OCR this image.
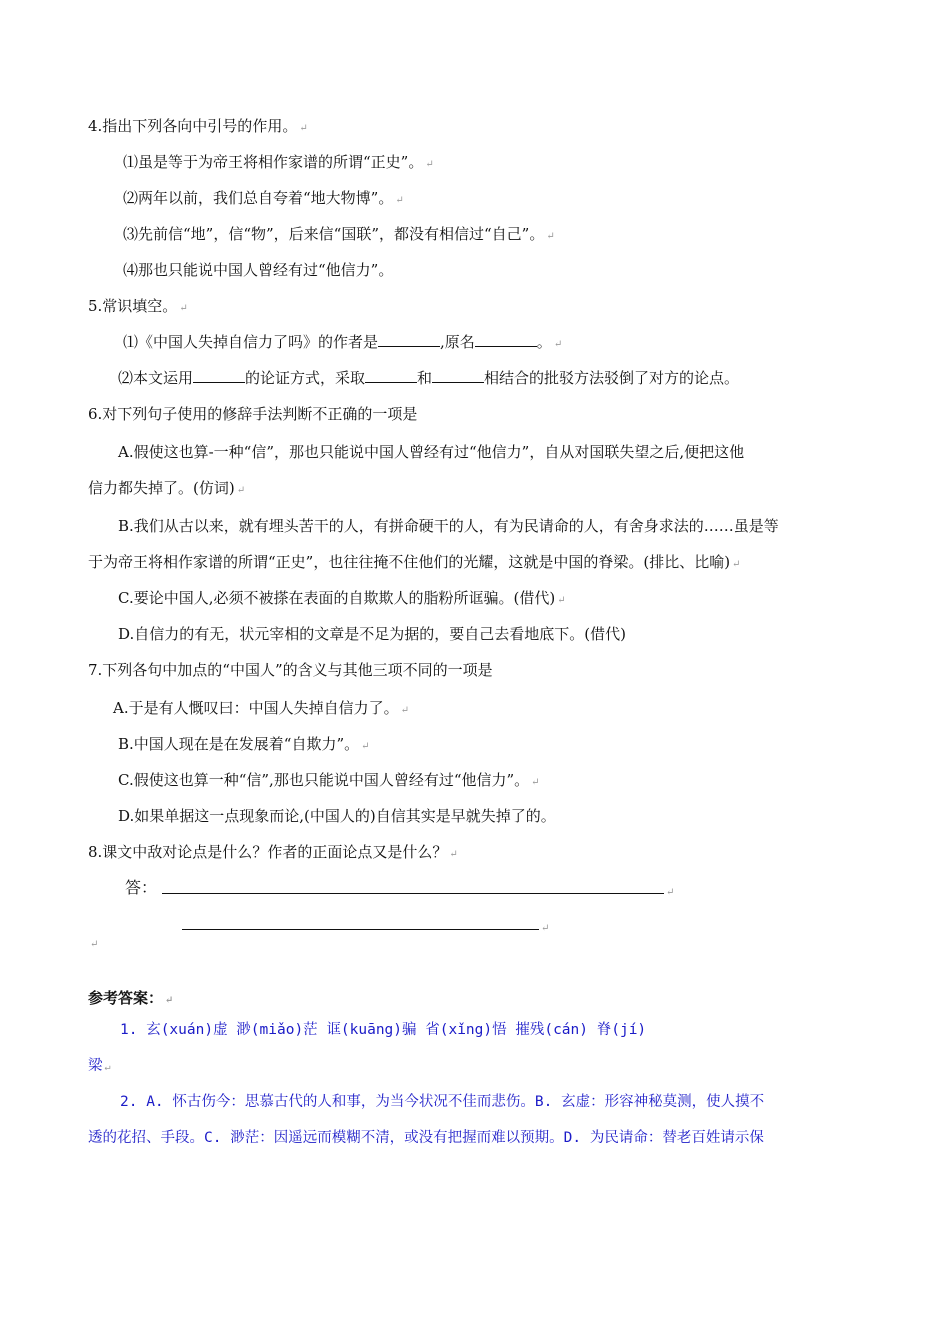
4.指出下列各向中引号的作用。 ↵
⑴虽是等于为帝王将相作家谱的所谓“正史”。 ↵
⑵两年以前，我们总自夸着“地大物博”。 ↵
⑶先前信“地”，信“物”，后来信“国联”，都没有相信过“自己”。 ↵
⑷那也只能说中国人曾经有过“他信力”。
5.常识填空。 ↵
⑴《中国人失掉自信力了吗》的作者是	,原名	。 ↵
⑵本文运用	的论证方式，采取	和	相结合的批驳方法驳倒了对方的论点。
6.对下列句子使用的修辞手法判断不正确的一项是
A.假使这也算-一种“信”，那也只能说中国人曾经有过“他信力”，自从对国联失望之后,便把这他
信力都失掉了。(仿词) ↵
B.我们从古以来，就有埋头苦干的人，有拼命硬干的人，有为民请命的人，有舍身求法的……虽是等
于为帝王将相作家谱的所谓“正史”，也往往掩不住他们的光耀，这就是中国的脊梁。(排比、比喻) ↵
C.要论中国人,必须不被搽在表面的自欺欺人的脂粉所诓骗。(借代) ↵
D.自信力的有无，状元宰相的文章是不足为据的，要自己去看地底下。(借代)
7.下列各句中加点的“中国人”的含义与其他三项不同的一项是
A.于是有人慨叹曰：中国人失掉自信力了。 ↵
B.中国人现在是在发展着“自欺力”。 ↵
C.假使这也算一种“信”,那也只能说中国人曾经有过“他信力”。 ↵
D.如果单据这一点现象而论,(中国人的)自信其实是早就失掉了的。
8.课文中敌对论点是什么？作者的正面论点又是什么？ ↵
答：	↵
↵
↵
参考答案： ↵
1. 玄(xuán)虚 渺(miǎo)茫 诓(kuāng)骗 省(xǐng)悟 摧残(cán) 脊(jí)
梁 ↵
2. A. 怀古伤今：思慕古代的人和事，为当今状况不佳而悲伤。B. 玄虚：形容神秘莫测，使人摸不
透的花招、手段。C. 渺茫：因遥远而模糊不清，或没有把握而难以预期。D. 为民请命：替老百姓请示保
